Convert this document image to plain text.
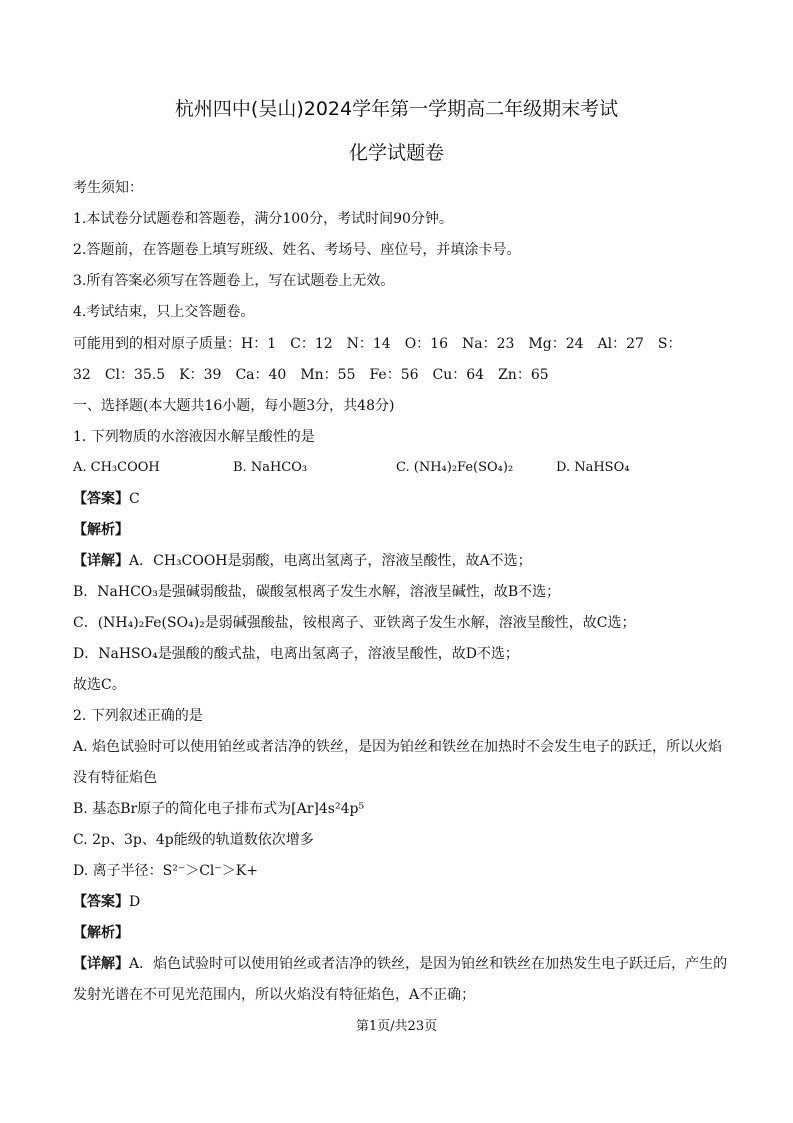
杭州四中(吴山)2024学年第一学期高二年级期末考试
化学试题卷
考生须知：
1.本试卷分试题卷和答题卷，满分100分，考试时间90分钟。
2.答题前，在答题卷上填写班级、姓名、考场号、座位号，并填涂卡号。
3.所有答案必须写在答题卷上，写在试题卷上无效。
4.考试结束，只上交答题卷。
可能用到的相对原子质量：H：1　C：12　N：14　O：16　Na：23　Mg：24　Al：27　S：
32　Cl：35.5　K：39　Ca：40　Mn：55　Fe：56　Cu：64　Zn：65
一、选择题(本大题共16小题，每小题3分，共48分)
1. 下列物质的水溶液因水解呈酸性的是
A. CH₃COOH	B. NaHCO₃	C. (NH₄)₂Fe(SO₄)₂	D. NaHSO₄
【答案】C
【解析】
【详解】A．CH₃COOH是弱酸，电离出氢离子，溶液呈酸性，故A不选；
B．NaHCO₃是强碱弱酸盐，碳酸氢根离子发生水解，溶液呈碱性，故B不选；
C．(NH₄)₂Fe(SO₄)₂是弱碱强酸盐，铵根离子、亚铁离子发生水解，溶液呈酸性，故C选；
D．NaHSO₄是强酸的酸式盐，电离出氢离子，溶液呈酸性，故D不选；
故选C。
2. 下列叙述正确的是
A. 焰色试验时可以使用铂丝或者洁净的铁丝，是因为铂丝和铁丝在加热时不会发生电子的跃迁，所以火焰
没有特征焰色
B. 基态Br原子的简化电子排布式为[Ar]4s²4p⁵
C. 2p、3p、4p能级的轨道数依次增多
D. 离子半径：S²⁻＞Cl⁻＞K+
【答案】D
【解析】
【详解】A．焰色试验时可以使用铂丝或者洁净的铁丝，是因为铂丝和铁丝在加热发生电子跃迁后，产生的
发射光谱在不可见光范围内，所以火焰没有特征焰色，A不正确；
第1页/共23页
